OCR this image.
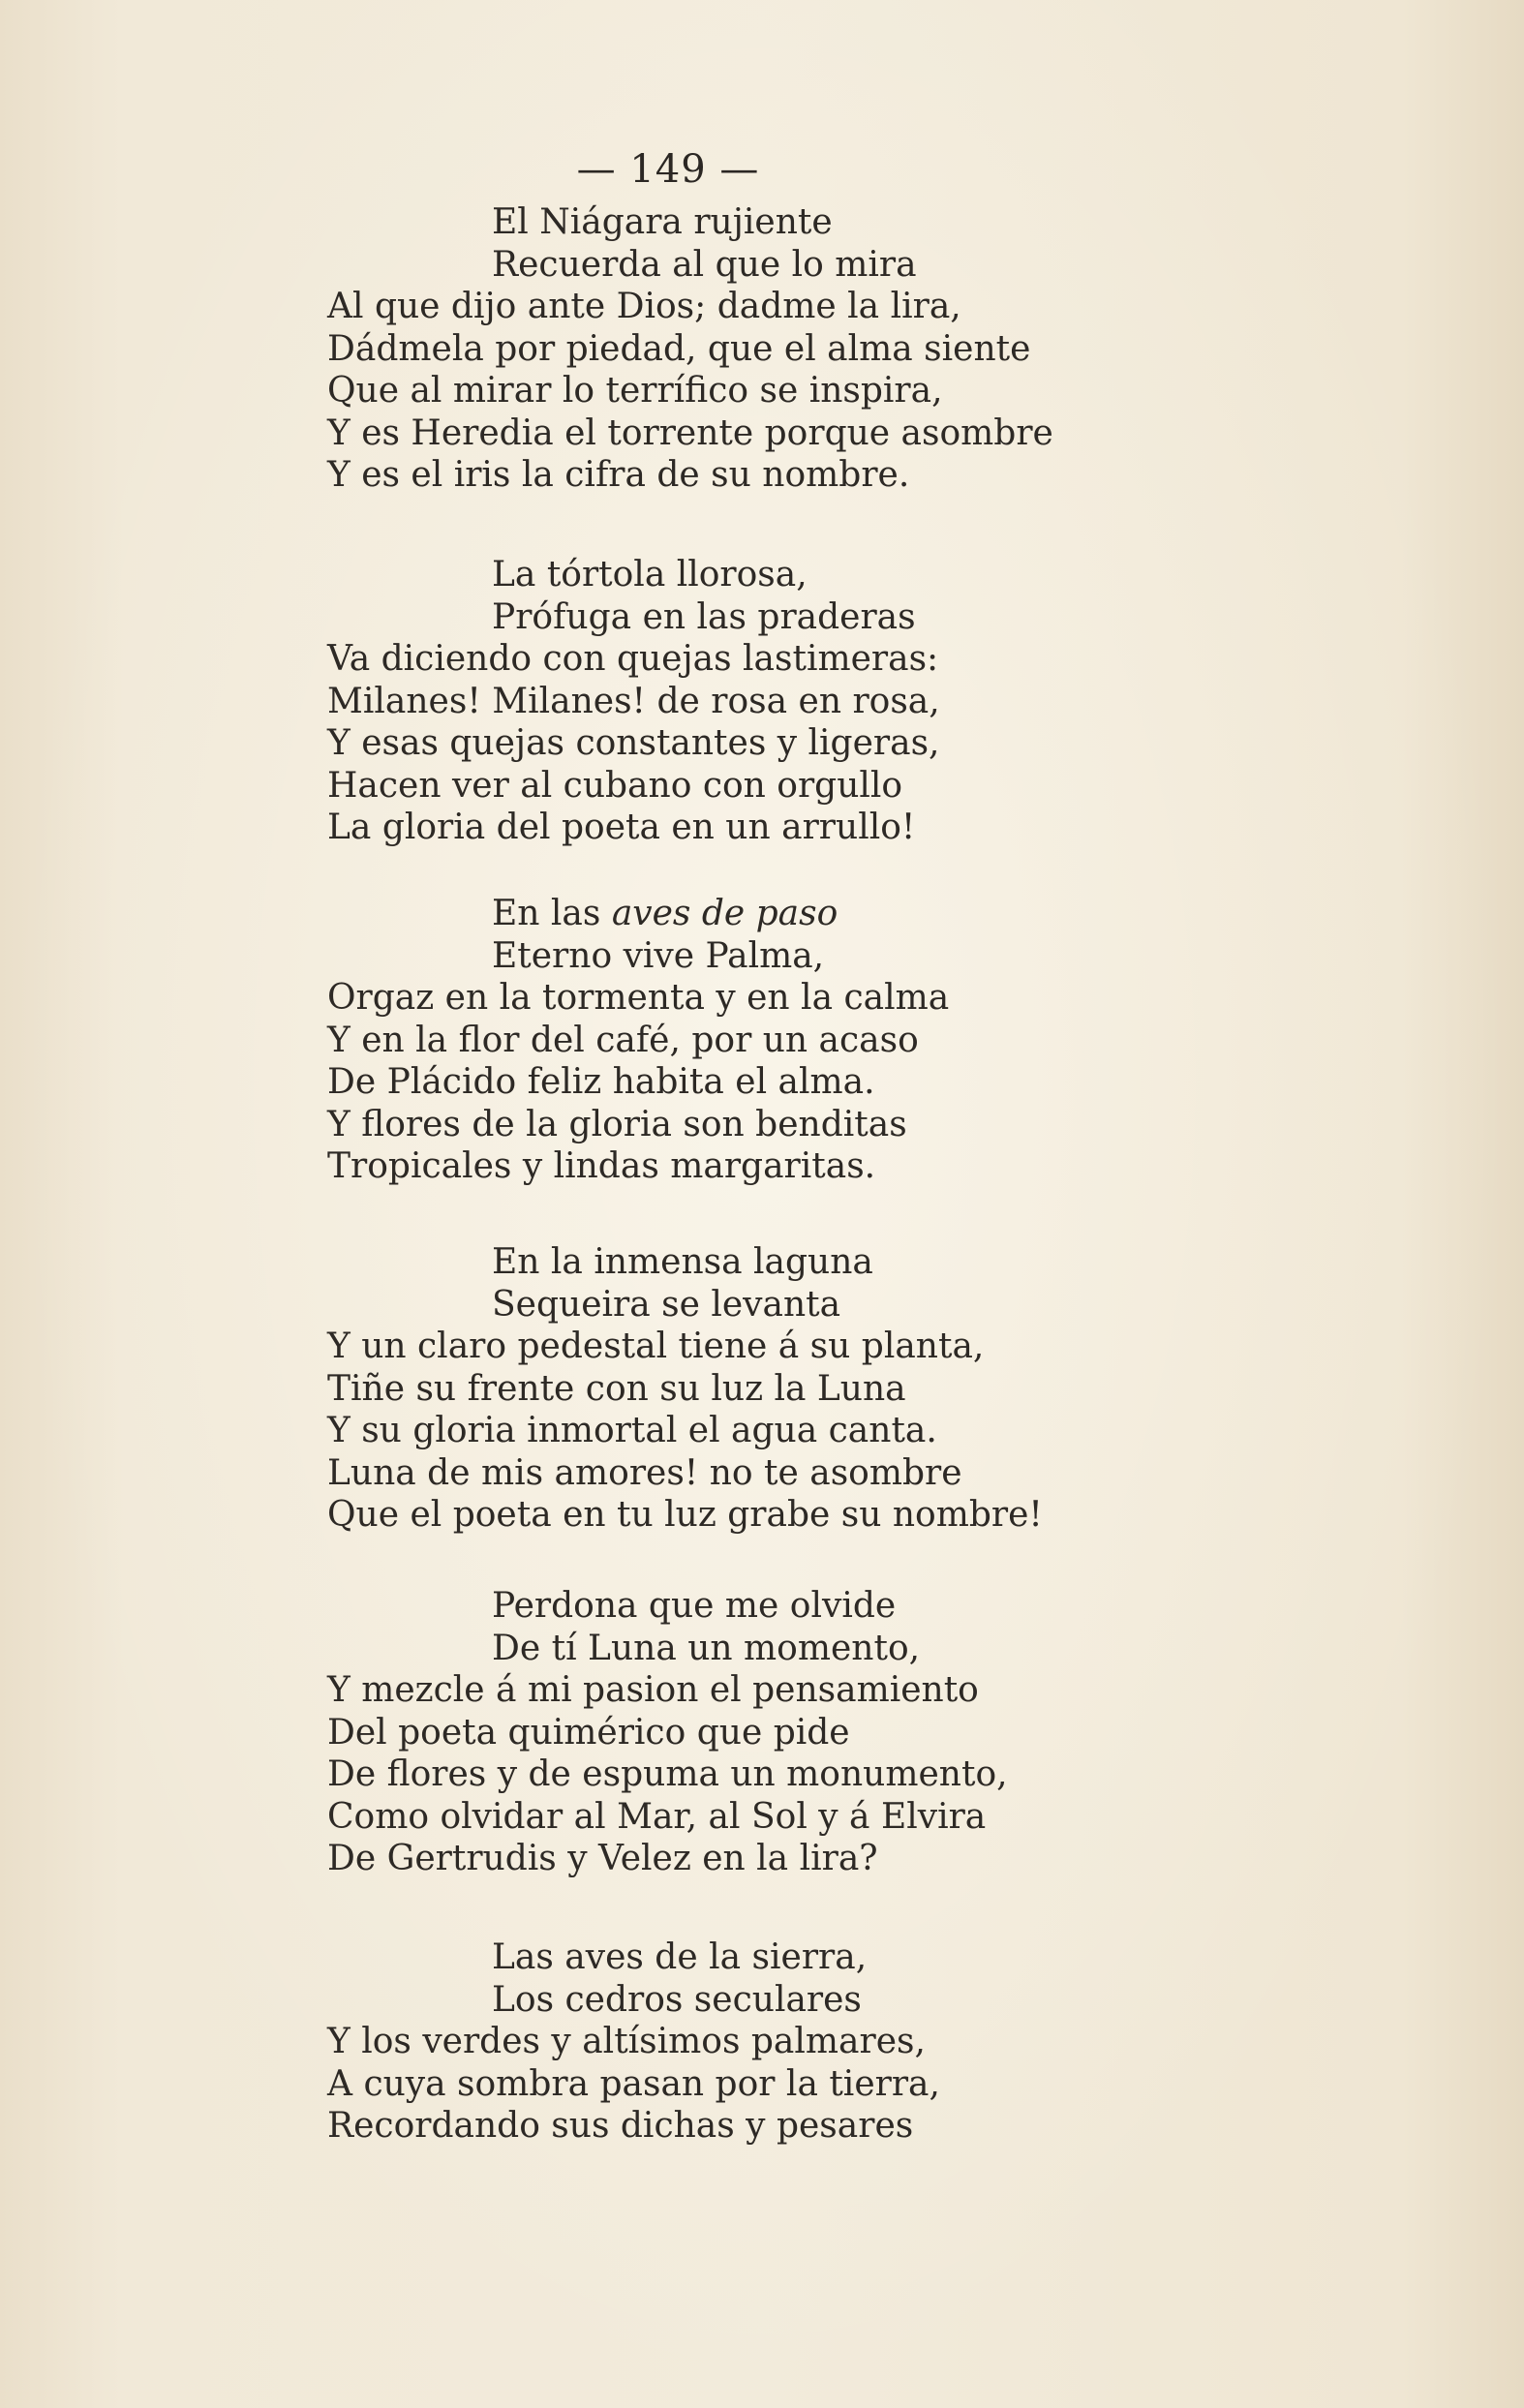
— 149 —
El Niágara rujiente
Recuerda al que lo mira
Al que dijo ante Dios; dadme la lira,
Dádmela por piedad, que el alma siente
Que al mirar lo terrífico se inspira,
Y es Heredia el torrente porque asombre
Y es el iris la cifra de su nombre.
La tórtola llorosa,
Prófuga en las praderas
Va diciendo con quejas lastimeras:
Milanes! Milanes! de rosa en rosa,
Y esas quejas constantes y ligeras,
Hacen ver al cubano con orgullo
La gloria del poeta en un arrullo!
En las aves de paso
Eterno vive Palma,
Orgaz en la tormenta y en la calma
Y en la flor del café, por un acaso
De Plácido feliz habita el alma.
Y flores de la gloria son benditas
Tropicales y lindas margaritas.
En la inmensa laguna
Sequeira se levanta
Y un claro pedestal tiene á su planta,
Tiñe su frente con su luz la Luna
Y su gloria inmortal el agua canta.
Luna de mis amores! no te asombre
Que el poeta en tu luz grabe su nombre!
Perdona que me olvide
De tí Luna un momento,
Y mezcle á mi pasion el pensamiento
Del poeta quimérico que pide
De flores y de espuma un monumento,
Como olvidar al Mar, al Sol y á Elvira
De Gertrudis y Velez en la lira?
Las aves de la sierra,
Los cedros seculares
Y los verdes y altísimos palmares,
A cuya sombra pasan por la tierra,
Recordando sus dichas y pesares
